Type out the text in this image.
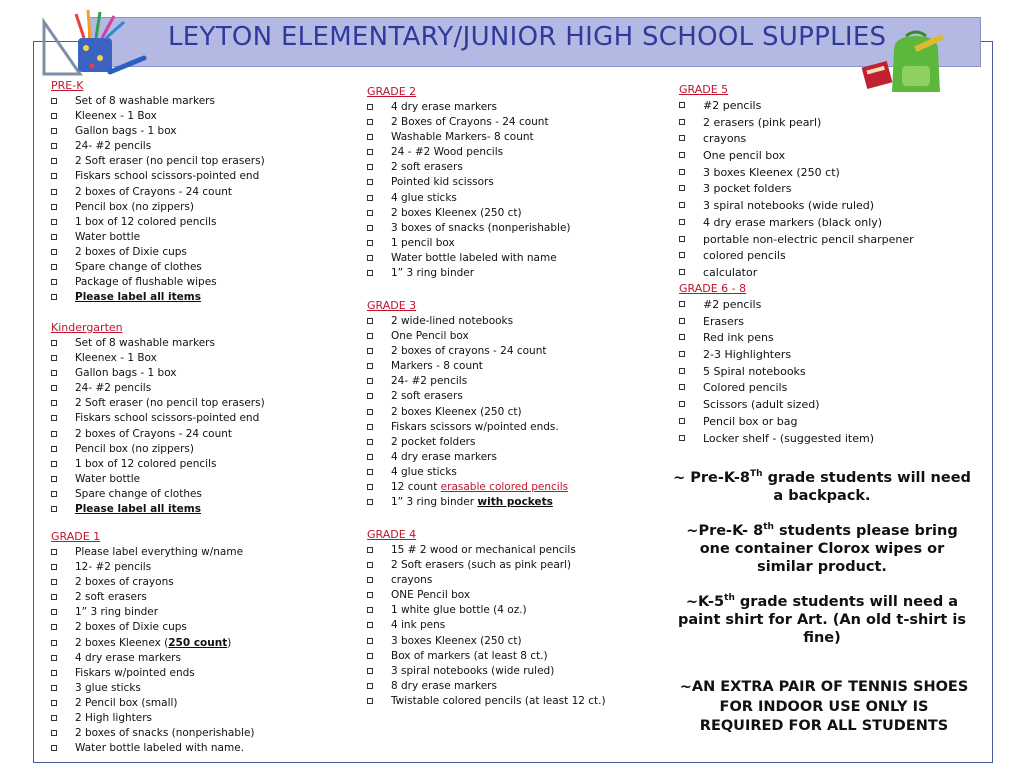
LEYTON ELEMENTARY/JUNIOR HIGH SCHOOL SUPPLIES
PRE-K
Set of 8 washable markers
Kleenex - 1 Box
Gallon bags - 1 box
24- #2 pencils
2 Soft eraser (no pencil top erasers)
Fiskars school scissors-pointed end
2 boxes of Crayons - 24 count
Pencil box (no zippers)
1 box of 12 colored pencils
Water bottle
2 boxes of Dixie cups
Spare change of clothes
Package of flushable wipes
Please label all items
Kindergarten
Set of 8 washable markers
Kleenex - 1 Box
Gallon bags - 1 box
24- #2 pencils
2 Soft eraser (no pencil top erasers)
Fiskars school scissors-pointed end
2 boxes of Crayons - 24 count
Pencil box (no zippers)
1 box of 12 colored pencils
Water bottle
Spare change of clothes
Please label all items
GRADE 1
Please label everything w/name
12- #2 pencils
2 boxes of crayons
2 soft erasers
1” 3 ring binder
2 boxes of Dixie cups
2 boxes Kleenex (250 count)
4 dry erase markers
Fiskars w/pointed ends
3 glue sticks
2 Pencil box (small)
2 High lighters
2 boxes of snacks (nonperishable)
Water bottle labeled with name.
GRADE 2
4 dry erase markers
2 Boxes of Crayons - 24 count
Washable Markers- 8 count
24 - #2 Wood pencils
2 soft erasers
Pointed kid scissors
4 glue sticks
2 boxes Kleenex (250 ct)
3 boxes of snacks (nonperishable)
1 pencil box
Water bottle labeled with name
1” 3 ring binder
GRADE 3
2 wide-lined notebooks
One Pencil box
2 boxes of crayons - 24 count
Markers - 8 count
24- #2 pencils
2 soft erasers
2 boxes Kleenex (250 ct)
Fiskars scissors w/pointed ends.
2 pocket folders
4 dry erase markers
4 glue sticks
12 count erasable colored pencils
1” 3 ring binder with pockets
GRADE 4
15 # 2 wood or mechanical pencils
2 Soft erasers (such as pink pearl)
crayons
ONE Pencil box
1 white glue bottle (4 oz.)
4 ink pens
3 boxes Kleenex (250 ct)
Box of markers (at least 8 ct.)
3 spiral notebooks (wide ruled)
8 dry erase markers
Twistable colored pencils (at least 12 ct.)
GRADE 5
#2 pencils
2 erasers (pink pearl)
crayons
One pencil box
3 boxes Kleenex (250 ct)
3 pocket folders
3 spiral notebooks (wide ruled)
4 dry erase markers (black only)
portable non-electric pencil sharpener
colored pencils
calculator
GRADE 6 - 8
#2 pencils
Erasers
Red ink pens
2-3 Highlighters
5 Spiral notebooks
Colored pencils
Scissors (adult sized)
Pencil box or bag
Locker shelf - (suggested item)
~ Pre-K-8Th grade students will need a backpack.
~Pre-K- 8th students please bring one container Clorox wipes or similar product.
~K-5th grade students will need a paint shirt for Art. (An old t-shirt is fine)
~AN EXTRA PAIR OF TENNIS SHOES FOR INDOOR USE ONLY IS REQUIRED FOR ALL STUDENTS
